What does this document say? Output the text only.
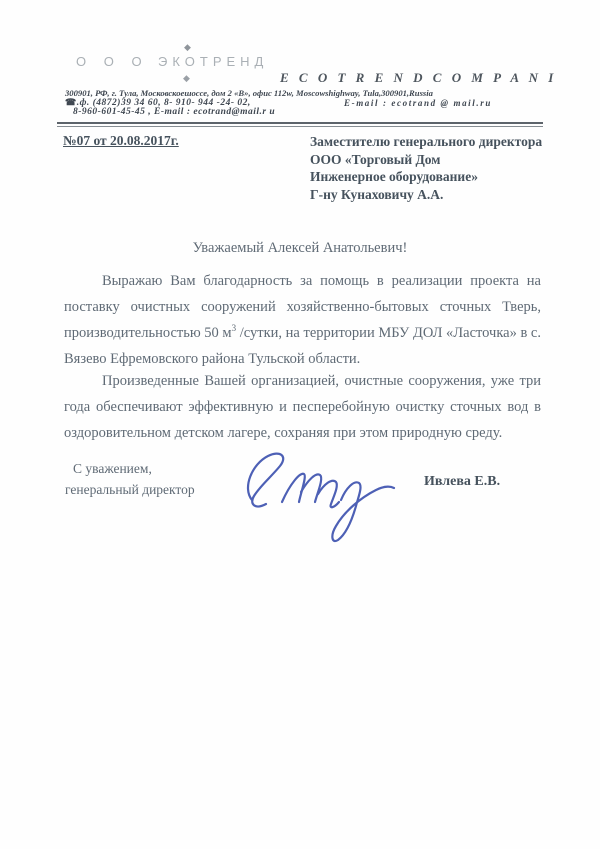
О О О
◆
ЭКОТРЕНД
◆	E C O T R E N D C O M P A N I
300901, РФ, г. Тула, Московскоешоссе, дом 2 «В», офис 112w, Moscowshighway, Tula,300901,Russia
☎.ф. (4872)39 34 60, 8- 910- 944 -24- 02,	E-mail : ecotrand @ mail.ru
8-960-601-45-45 , E-mail : ecotrand@mail.r u
№07 от 20.08.2017г.	Заместителю генерального директора
ООО «Торговый Дом
Инженерное оборудование»
Г-ну Кунаховичу А.А.
Уважаемый Алексей Анатольевич!
Выражаю Вам благодарность за помощь в реализации проекта на поставку очистных сооружений хозяйственно-бытовых сточных Тверь, производительностью 50 $м^3$ /сутки, на территории МБУ ДОЛ «Ласточка» в с. Вязево Ефремовского района Тульской области.
Произведенные Вашей организацией, очистные сооружения, уже три года обеспечивают эффективную и песперебойную очистку сточных вод в оздоровительном детском лагере, сохраняя при этом природную среду.
С уважением,
генеральный директор
Ивлева Е.В.
